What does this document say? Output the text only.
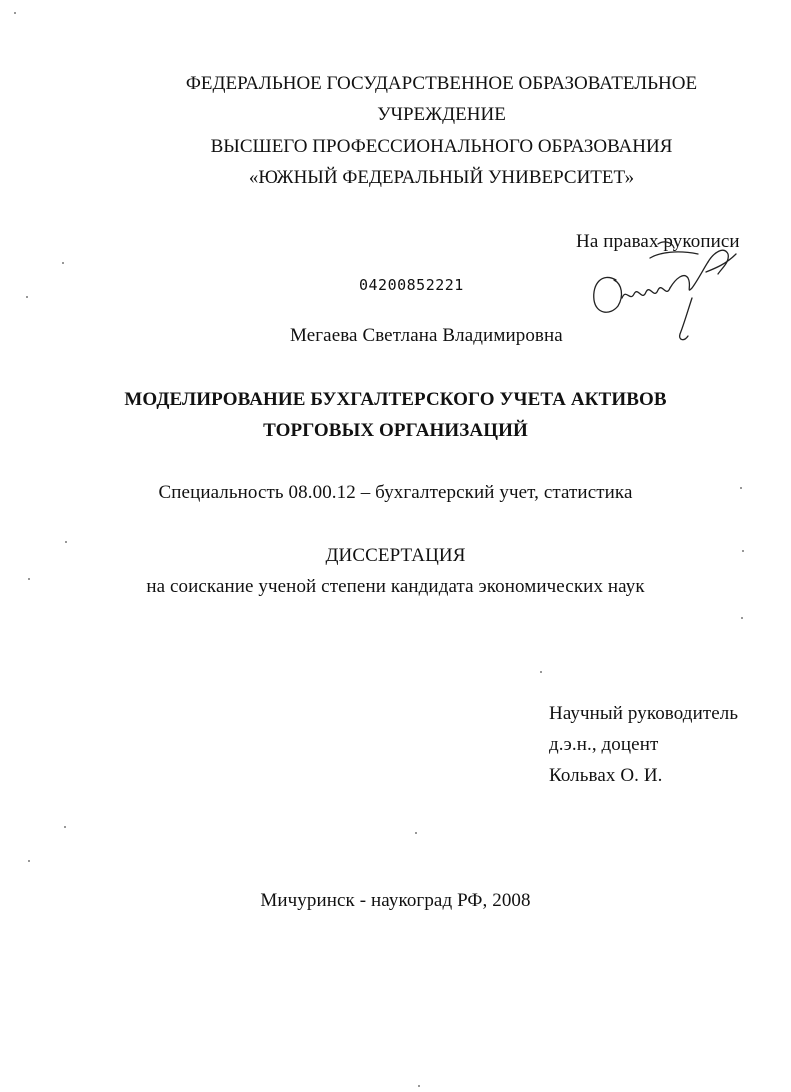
ФЕДЕРАЛЬНОЕ ГОСУДАРСТВЕННОЕ ОБРАЗОВАТЕЛЬНОЕ
УЧРЕЖДЕНИЕ
ВЫСШЕГО ПРОФЕССИОНАЛЬНОГО ОБРАЗОВАНИЯ
«ЮЖНЫЙ ФЕДЕРАЛЬНЫЙ УНИВЕРСИТЕТ»
На правах рукописи
04200852221
Мегаева Светлана Владимировна
МОДЕЛИРОВАНИЕ БУХГАЛТЕРСКОГО УЧЕТА АКТИВОВ
ТОРГОВЫХ ОРГАНИЗАЦИЙ
Специальность 08.00.12 – бухгалтерский учет, статистика
ДИССЕРТАЦИЯ
на соискание ученой степени кандидата экономических наук
Научный руководитель
д.э.н., доцент
Кольвах О. И.
Мичуринск - наукоград РФ, 2008
